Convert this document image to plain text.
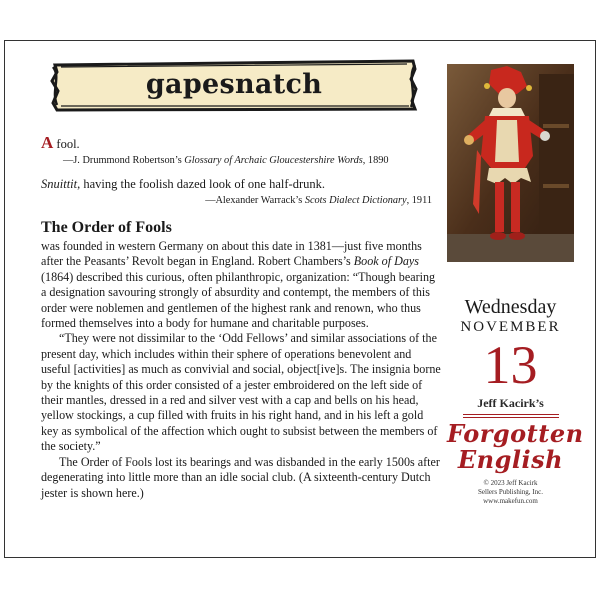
gapesnatch
A fool.
—J. Drummond Robertson’s Glossary of Archaic Gloucestershire Words, 1890
Snuittit, having the foolish dazed look of one half-drunk.
—Alexander Warrack’s Scots Dialect Dictionary, 1911
The Order of Fools

was founded in western Germany on about this date in 1381—just five months after the Peasants’ Revolt began in England. Robert Chambers’s Book of Days (1864) described this curious, often philanthropic, organization: “Though bearing a designation savouring strongly of absurdity and contempt, the members of this order were noblemen and gentlemen of the highest rank and renown, who thus formed themselves into a body for humane and charitable purposes.

“They were not dissimilar to the ‘Odd Fellows’ and similar associations of the present day, which includes within their sphere of operations benevolent and useful [activities] as much as convivial and social, object[ive]s. The insignia borne by the knights of this order consisted of a jester embroidered on the left side of their mantles, dressed in a red and silver vest with a cap and bells on his head, yellow stockings, a cup filled with fruits in his right hand, and in his left a gold key as symbolical of the affection which ought to subsist between the members of the society.”

The Order of Fools lost its bearings and was disbanded in the early 1500s after degenerating into little more than an idle social club. (A sixteenth-century Dutch jester is shown here.)

Wednesday
NOVEMBER
13
Jeff Kacirk’s
Forgotten
English
© 2023 Jeff Kacirk
Sellers Publishing, Inc.
www.makefun.com
